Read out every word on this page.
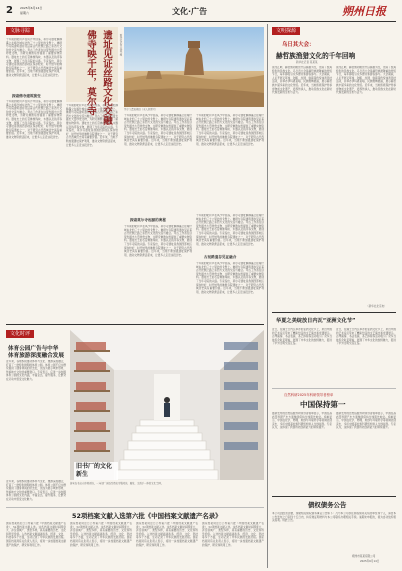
2 2025年6月14日
星期六	文化·广告	朔州日报
文脉寻踪
千年前的驼铃声在风沙中回荡，莫尔寺遗址静静矗立在喀什城东北约三十公里处的戈壁上。佛塔与寺院建筑遗存见证着古代丝绸之路上东西方文化的交流与融合。考古工作者在这里发掘出大量珍贵文物，为研究佛教东传提供了重要实物资料。遗址出土的石膏佛像残块、木器以及钱币等文物，展现了当年寺院的兴盛。专家指出，莫尔寺遗址是我国西部地区保存较好、时代较早的佛教寺院遗址之一，对于研究古代西域历史具有重要价值。近年来，当地不断加强遗址保护利用，推动文物资源活起来，让更多人走近这段历史。
探索佛寺建筑演变
千年前的驼铃声在风沙中回荡，莫尔寺遗址静静矗立在喀什城东北约三十公里处的戈壁上。佛塔与寺院建筑遗存见证着古代丝绸之路上东西方文化的交流与融合。考古工作者在这里发掘出大量珍贵文物，为研究佛教东传提供了重要实物资料。遗址出土的石膏佛像残块、木器以及钱币等文物，展现了当年寺院的兴盛。专家指出，莫尔寺遗址是我国西部地区保存较好、时代较早的佛教寺院遗址之一，对于研究古代西域历史具有重要价值。近年来，当地不断加强遗址保护利用，推动文物资源活起来，让更多人走近这段历史。
千年前的驼铃声在风沙中回荡，莫尔寺遗址静静矗立在喀什城东北约三十公里处的戈壁上。佛塔与寺院建筑遗存见证着古代丝绸之路上东西方文化的交流与融合。考古工作者在这里发掘出大量珍贵文物，为研究佛教东传提供了重要实物资料。遗址出土的石膏佛像残块、木器以及钱币等文物，展现了当年寺院的兴盛。专家指出，莫尔寺遗址是我国西部地区保存较好、时代较早的佛教寺院遗址之一，对于研究古代西域历史具有重要价值。近年来，当地不断加强遗址保护利用，推动文物资源活起来，让更多人走近这段历史。
遗址见证丝路文化交融
佛寺映千年，莫尔寺	新华社记者 某某 摄
莫尔寺遗址佛塔（无人机照片）
千年前的驼铃声在风沙中回荡，莫尔寺遗址静静矗立在喀什城东北约三十公里处的戈壁上。佛塔与寺院建筑遗存见证着古代丝绸之路上东西方文化的交流与融合。考古工作者在这里发掘出大量珍贵文物，为研究佛教东传提供了重要实物资料。遗址出土的石膏佛像残块、木器以及钱币等文物，展现了当年寺院的兴盛。专家指出，莫尔寺遗址是我国西部地区保存较好、时代较早的佛教寺院遗址之一，对于研究古代西域历史具有重要价值。近年来，当地不断加强遗址保护利用，推动文物资源活起来，让更多人走近这段历史。
千年前的驼铃声在风沙中回荡，莫尔寺遗址静静矗立在喀什城东北约三十公里处的戈壁上。佛塔与寺院建筑遗存见证着古代丝绸之路上东西方文化的交流与融合。考古工作者在这里发掘出大量珍贵文物，为研究佛教东传提供了重要实物资料。遗址出土的石膏佛像残块、木器以及钱币等文物，展现了当年寺院的兴盛。专家指出，莫尔寺遗址是我国西部地区保存较好、时代较早的佛教寺院遗址之一，对于研究古代西域历史具有重要价值。近年来，当地不断加强遗址保护利用，推动文物资源活起来，让更多人走近这段历史。
探索莫尔寺起源的奥秘
千年前的驼铃声在风沙中回荡，莫尔寺遗址静静矗立在喀什城东北约三十公里处的戈壁上。佛塔与寺院建筑遗存见证着古代丝绸之路上东西方文化的交流与融合。考古工作者在这里发掘出大量珍贵文物，为研究佛教东传提供了重要实物资料。遗址出土的石膏佛像残块、木器以及钱币等文物，展现了当年寺院的兴盛。专家指出，莫尔寺遗址是我国西部地区保存较好、时代较早的佛教寺院遗址之一，对于研究古代西域历史具有重要价值。近年来，当地不断加强遗址保护利用，推动文物资源活起来，让更多人走近这段历史。	古丝路遗存见证融合
千年前的驼铃声在风沙中回荡，莫尔寺遗址静静矗立在喀什城东北约三十公里处的戈壁上。佛塔与寺院建筑遗存见证着古代丝绸之路上东西方文化的交流与融合。考古工作者在这里发掘出大量珍贵文物，为研究佛教东传提供了重要实物资料。遗址出土的石膏佛像残块、木器以及钱币等文物，展现了当年寺院的兴盛。专家指出，莫尔寺遗址是我国西部地区保存较好、时代较早的佛教寺院遗址之一，对于研究古代西域历史具有重要价值。近年来，当地不断加强遗址保护利用，推动文物资源活起来，让更多人走近这段历史。
千年前的驼铃声在风沙中回荡，莫尔寺遗址静静矗立在喀什城东北约三十公里处的戈壁上。佛塔与寺院建筑遗存见证着古代丝绸之路上东西方文化的交流与融合。考古工作者在这里发掘出大量珍贵文物，为研究佛教东传提供了重要实物资料。遗址出土的石膏佛像残块、木器以及钱币等文物，展现了当年寺院的兴盛。专家指出，莫尔寺遗址是我国西部地区保存较好、时代较早的佛教寺院遗址之一，对于研究古代西域历史具有重要价值。近年来，当地不断加强遗址保护利用，推动文物资源活起来，让更多人走近这段历史。
文化时评
体育公园广告与中华
体育旅游深度融合发展
近年来，各地积极推动体育与文化、旅游深度融合，打造了一批特色鲜明的体育公园。体育公园不仅为群众提供了健身休闲的好去处，也成为展示城市形象、传承地方文化的重要窗口。专家表示，应进一步挖掘体育公园的文化内涵，丰富业态，提升服务，让群众在运动中感受文化魅力。
近年来，各地积极推动体育与文化、旅游深度融合，打造了一批特色鲜明的体育公园。体育公园不仅为群众提供了健身休闲的好去处，也成为展示城市形象、传承地方文化的重要窗口。专家表示，应进一步挖掘体育公园的文化内涵，丰富业态，提升服务，让群众在运动中感受文化魅力。
旧书厂的文化新生
游客在书店内参观阅读，一座旧厂房经改造成为集阅读、展览、文创于一体的文化空间。
52项档案文献入选第六批《中国档案文献遗产名录》
国家档案局近日公布第六批《中国档案文献遗产名录》，52项档案文献入选。这些档案文献时间跨度大、涉及领域广、类型多样，具有重要的历史、文化和科学价值。入选档案文献涵盖政务、经济、文化、科技等多个方面，生动记录了中华民族的发展历程。国家档案局有关负责人表示，将进一步加强档案文献遗产的保护、研究和利用工作。
国家档案局近日公布第六批《中国档案文献遗产名录》，52项档案文献入选。这些档案文献时间跨度大、涉及领域广、类型多样，具有重要的历史、文化和科学价值。入选档案文献涵盖政务、经济、文化、科技等多个方面，生动记录了中华民族的发展历程。国家档案局有关负责人表示，将进一步加强档案文献遗产的保护、研究和利用工作。
国家档案局近日公布第六批《中国档案文献遗产名录》，52项档案文献入选。这些档案文献时间跨度大、涉及领域广、类型多样，具有重要的历史、文化和科学价值。入选档案文献涵盖政务、经济、文化、科技等多个方面，生动记录了中华民族的发展历程。国家档案局有关负责人表示，将进一步加强档案文献遗产的保护、研究和利用工作。
国家档案局近日公布第六批《中国档案文献遗产名录》，52项档案文献入选。这些档案文献时间跨度大、涉及领域广、类型多样，具有重要的历史、文化和科学价值。入选档案文献涵盖政务、经济、文化、科技等多个方面，生动记录了中华民族的发展历程。国家档案局有关负责人表示，将进一步加强档案文献遗产的保护、研究和利用工作。
文明探源
乌日其大会：
赫哲族渔猎文化的千年回响
新华社记者 某某某
黑龙江畔，赫哲族同胞世代以渔猎为生，创造了独具特色的民族文化。乌日贡大会是赫哲族最隆重的传统节日，每年都吸引众多群众和游客参与。大会期间，人们开展叉草球、划船、拉网、射箭等传统体育竞技活动，并举办伊玛堪说唱、民族歌舞展演，展示赫哲族丰富多彩的文化传统。近年来，当地积极保护传承非物质文化遗产，培养传承人，推动民族文化在新时代焕发新的生机与活力。
黑龙江畔，赫哲族同胞世代以渔猎为生，创造了独具特色的民族文化。乌日贡大会是赫哲族最隆重的传统节日，每年都吸引众多群众和游客参与。大会期间，人们开展叉草球、划船、拉网、射箭等传统体育竞技活动，并举办伊玛堪说唱、民族歌舞展演，展示赫哲族丰富多彩的文化传统。近年来，当地积极保护传承非物质文化遗产，培养传承人，推动民族文化在新时代焕发新的生机与活力。
（新华社北京电）
华夏之美绽放日内瓦“亚洲文化节”
近日，在瑞士日内瓦举办的亚洲文化节上，来自中国的艺术家们带来了精彩纷呈的文艺演出和非遗展示。古琴演奏、书法表演、茶艺体验等活动吸引了众多当地民众驻足观看，展现了中华文化的独特魅力，促进了中外文明交流互鉴。
近日，在瑞士日内瓦举办的亚洲文化节上，来自中国的艺术家们带来了精彩纷呈的文艺演出和非遗展示。古琴演奏、书法表演、茶艺体验等活动吸引了众多当地民众驻足观看，展现了中华文化的独特魅力，促进了中外文明交流互鉴。
自然科研2025年科研领导者榜单
中国保持第一
最新发布的自然指数科研领导者榜单显示，中国在高质量科研产出方面继续保持全球领先地位。榜单显示，中国在化学、物理、地球与环境科学等领域表现突出，多所中国高校和科研机构进入全球前列。专家认为，这体现了我国科技创新能力的持续提升。
最新发布的自然指数科研领导者榜单显示，中国在高质量科研产出方面继续保持全球领先地位。榜单显示，中国在化学、物理、地球与环境科学等领域表现突出，多所中国高校和科研机构进入全球前列。专家认为，这体现了我国科技创新能力的持续提升。
债权债务公告
本公司因经营需要，现就相关债权债务事宜公告如下：凡与本公司存在债权债务关系的单位和个人，请自本公告发布之日起四十五日内，持有效证明材料与本公司联系办理相关手续。逾期未申报的，视为自动放弃相关权利。特此公告。
朔州市某某有限公司
2025年6月14日
